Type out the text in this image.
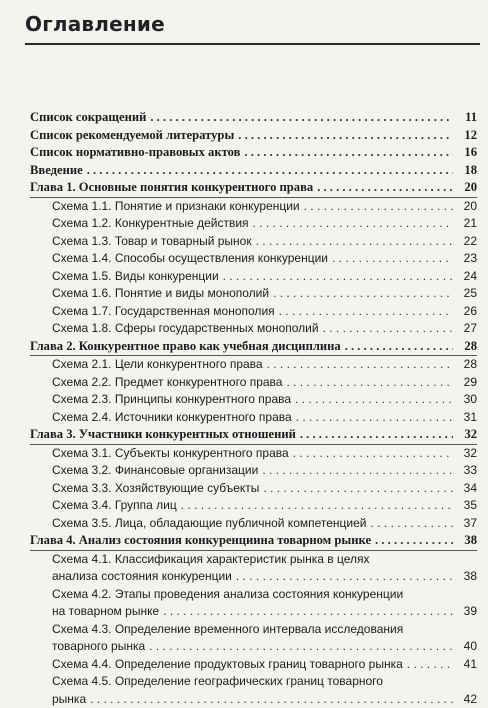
Оглавление
Список сокращений . . .	11
Список рекомендуемой литературы . . .	12
Список нормативно-правовых актов . . .	16
Введение . . .	18
Глава 1. Основные понятия конкурентного права . . .	20
Схема 1.1. Понятие и признаки конкуренции . . .	20
Схема 1.2. Конкурентные действия . . .	21
Схема 1.3. Товар и товарный рынок . . .	22
Схема 1.4. Способы осуществления конкуренции . . .	23
Схема 1.5. Виды конкуренции . . .	24
Схема 1.6. Понятие и виды монополий . . .	25
Схема 1.7. Государственная монополия . . .	26
Схема 1.8. Сферы государственных монополий . . .	27
Глава 2. Конкурентное право как учебная дисциплина . . .	28
Схема 2.1. Цели конкурентного права . . .	28
Схема 2.2. Предмет конкурентного права . . .	29
Схема 2.3. Принципы конкурентного права . . .	30
Схема 2.4. Источники конкурентного права . . .	31
Глава 3. Участники конкурентных отношений . . .	32
Схема 3.1. Субъекты конкурентного права . . .	32
Схема 3.2. Финансовые организации . . .	33
Схема 3.3. Хозяйствующие субъекты . . .	34
Схема 3.4. Группа лиц . . .	35
Схема 3.5. Лица, обладающие публичной компетенцией . . .	37
Глава 4. Анализ состояния конкуренциина товарном рынке . . .	38
Схема 4.1. Классификация характеристик рынка в целях
анализа состояния конкуренции . . .	38
Схема 4.2. Этапы проведения анализа состояния конкуренции
на товарном рынке . . .	39
Схема 4.3. Определение временного интервала исследования
товарного рынка . . .	40
Схема 4.4. Определение продуктовых границ товарного рынка . . .	41
Схема 4.5. Определение географических границ товарного
рынка . . .	42
